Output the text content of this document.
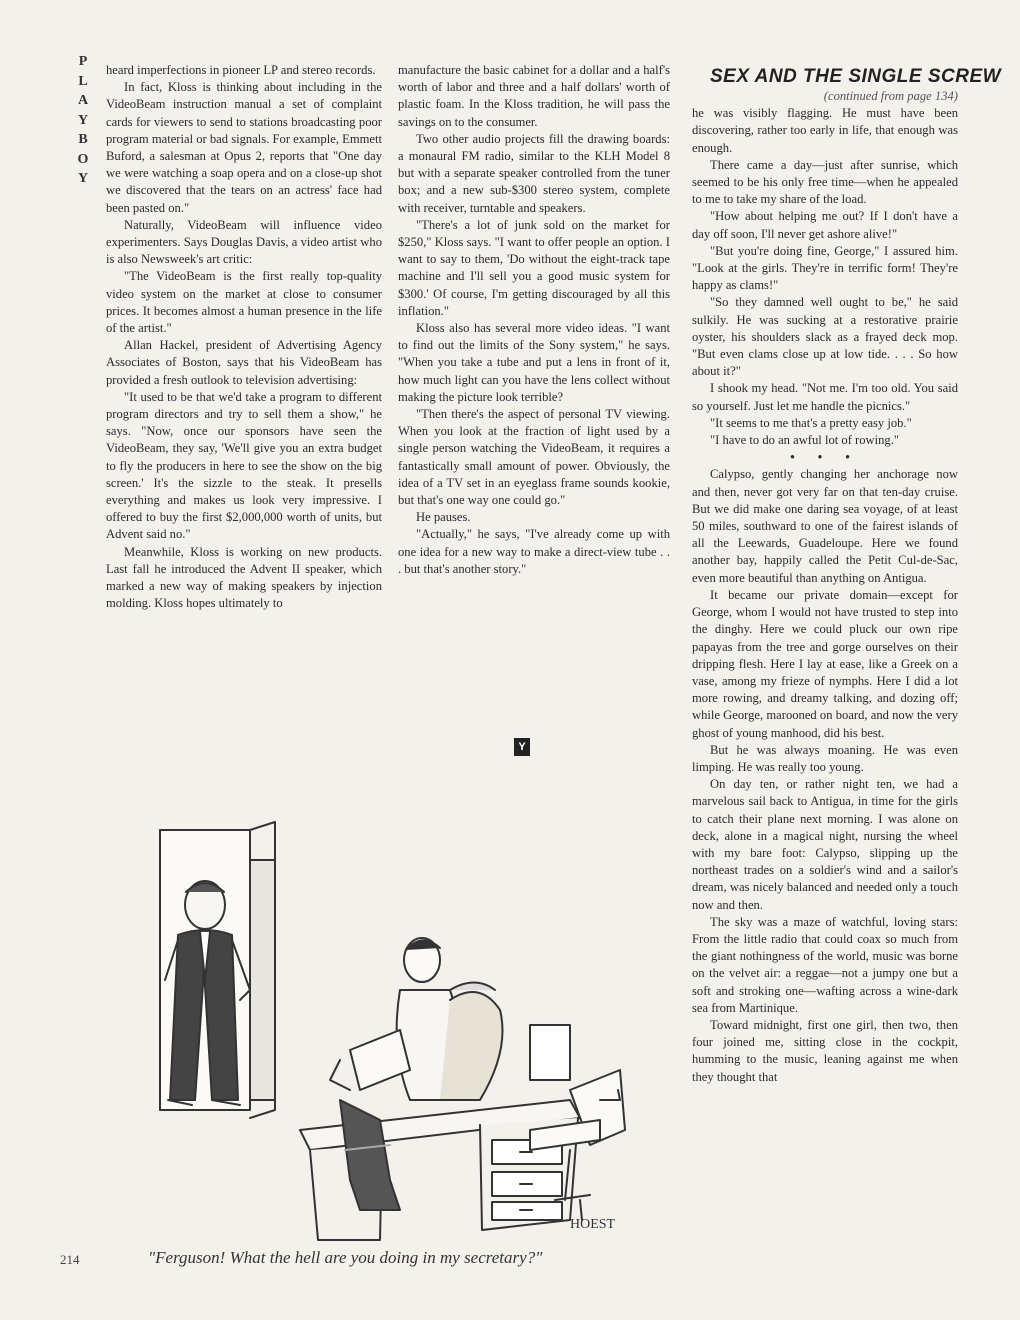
P
L
A
Y
B
O
Y

heard imperfections in pioneer LP and stereo records.

In fact, Kloss is thinking about including in the VideoBeam instruction manual a set of complaint cards for viewers to send to stations broadcasting poor program material or bad signals. For example, Emmett Buford, a salesman at Opus 2, reports that "One day we were watching a soap opera and on a close-up shot we discovered that the tears on an actress' face had been pasted on."

Naturally, VideoBeam will influence video experimenters. Says Douglas Davis, a video artist who is also Newsweek's art critic:

"The VideoBeam is the first really top-quality video system on the market at close to consumer prices. It becomes almost a human presence in the life of the artist."

Allan Hackel, president of Advertising Agency Associates of Boston, says that his VideoBeam has provided a fresh outlook to television advertising:

"It used to be that we'd take a program to different program directors and try to sell them a show," he says. "Now, once our sponsors have seen the VideoBeam, they say, 'We'll give you an extra budget to fly the producers in here to see the show on the big screen.' It's the sizzle to the steak. It presells everything and makes us look very impressive. I offered to buy the first $2,000,000 worth of units, but Advent said no."

Meanwhile, Kloss is working on new products. Last fall he introduced the Advent II speaker, which marked a new way of making speakers by injection molding. Kloss hopes ultimately to

manufacture the basic cabinet for a dollar and a half's worth of labor and three and a half dollars' worth of plastic foam. In the Kloss tradition, he will pass the savings on to the consumer.

Two other audio projects fill the drawing boards: a monaural FM radio, similar to the KLH Model 8 but with a separate speaker controlled from the tuner box; and a new sub-$300 stereo system, complete with receiver, turntable and speakers.

"There's a lot of junk sold on the market for $250," Kloss says. "I want to offer people an option. I want to say to them, 'Do without the eight-track tape machine and I'll sell you a good music system for $300.' Of course, I'm getting discouraged by all this inflation."

Kloss also has several more video ideas. "I want to find out the limits of the Sony system," he says. "When you take a tube and put a lens in front of it, how much light can you have the lens collect without making the picture look terrible?

"Then there's the aspect of personal TV viewing. When you look at the fraction of light used by a single person watching the VideoBeam, it requires a fantastically small amount of power. Obviously, the idea of a TV set in an eyeglass frame sounds kookie, but that's one way one could go."

He pauses.

"Actually," he says, "I've already come up with one idea for a new way to make a direct-view tube . . . but that's another story."

Y

SEX AND THE SINGLE SCREW

(continued from page 134)

he was visibly flagging. He must have been discovering, rather too early in life, that enough was enough.

There came a day—just after sunrise, which seemed to be his only free time—when he appealed to me to take my share of the load.

"How about helping me out? If I don't have a day off soon, I'll never get ashore alive!"

"But you're doing fine, George," I assured him. "Look at the girls. They're in terrific form! They're happy as clams!"

"So they damned well ought to be," he said sulkily. He was sucking at a restorative prairie oyster, his shoulders slack as a frayed deck mop. "But even clams close up at low tide. . . . So how about it?"

I shook my head. "Not me. I'm too old. You said so yourself. Just let me handle the picnics."

"It seems to me that's a pretty easy job."

"I have to do an awful lot of rowing."

• • •

Calypso, gently changing her anchorage now and then, never got very far on that ten-day cruise. But we did make one daring sea voyage, of at least 50 miles, southward to one of the fairest islands of all the Leewards, Guadeloupe. Here we found another bay, happily called the Petit Cul-de-Sac, even more beautiful than anything on Antigua.

It became our private domain—except for George, whom I would not have trusted to step into the dinghy. Here we could pluck our own ripe papayas from the tree and gorge ourselves on their dripping flesh. Here I lay at ease, like a Greek on a vase, among my frieze of nymphs. Here I did a lot more rowing, and dreamy talking, and dozing off; while George, marooned on board, and now the very ghost of young manhood, did his best.

But he was always moaning. He was even limping. He was really too young.

On day ten, or rather night ten, we had a marvelous sail back to Antigua, in time for the girls to catch their plane next morning. I was alone on deck, alone in a magical night, nursing the wheel with my bare foot: Calypso, slipping up the northeast trades on a soldier's wind and a sailor's dream, was nicely balanced and needed only a touch now and then.

The sky was a maze of watchful, loving stars: From the little radio that could coax so much from the giant nothingness of the world, music was borne on the velvet air: a reggae—not a jumpy one but a soft and stroking one—wafting across a wine-dark sea from Martinique.

Toward midnight, first one girl, then two, then four joined me, sitting close in the cockpit, humming to the music, leaning against me when they thought that

HOEST
"Ferguson! What the hell are you doing in my secretary?"
214
